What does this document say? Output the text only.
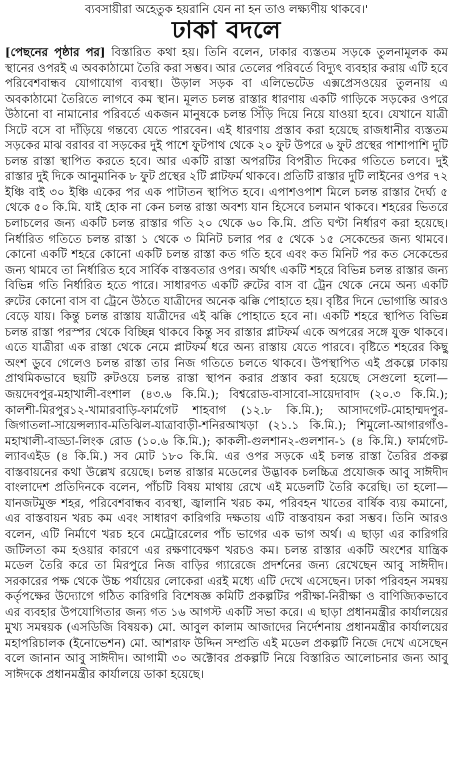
ব্যবসায়ীরা অহেতুক হয়রানি যেন না হন তাও লক্ষ্যণীয় থাকবে।'

ঢাকা বদলে

[পেছনের পৃষ্ঠার পর] বিস্তারিত কথা হয়। তিনি বলেন, ঢাকার ব্যস্ততম সড়কে তুলনামূলক কম স্থানের ওপরই এ অবকাঠামো তৈরি করা সম্ভব। আর তেলের পরিবর্তে বিদ্যুৎ ব্যবহার করায় এটি হবে পরিবেশবান্ধব যোগাযোগ ব্যবস্থা। উড়াল সড়ক বা এলিভেটেড এক্সপ্রেসওয়ের তুলনায় এ অবকাঠামো তৈরিতে লাগবে কম স্থান। মূলত চলন্ত রাস্তার ধারণায় একটি গাড়িকে সড়কের ওপরে উঠানো বা নামানোর পরিবর্তে একজন মানুষকে চলন্ত সিঁড়ি দিয়ে নিয়ে যাওয়া হবে। যেখানে যাত্রী সিটে বসে বা দাঁড়িয়ে গন্তব্যে যেতে পারবেন। এই ধারণায় প্রস্তাব করা হয়েছে রাজধানীর ব্যস্ততম সড়কের মাঝ বরাবর বা সড়কের দুই পাশে ফুটপাথ থেকে ২০ ফুট উপরে ৬ ফুট প্রস্থের পাশাপাশি দুটি চলন্ত রাস্তা স্থাপিত করতে হবে। আর একটি রাস্তা অপরটির বিপরীত দিকের গতিতে চলবে। দুই রাস্তার দুই দিকে আনুমানিক ৮ ফুট প্রস্থের ২টি প্লাটফর্ম থাকবে। প্রতিটি রাস্তার দুটি লাইনের ওপর ৭২ ইঞ্চি বাই ৩০ ইঞ্চি একের পর এক পাটাতন স্থাপিত হবে। এপাশওপাশ মিলে চলন্ত রাস্তার দৈর্ঘ্য ৫ থেকে ৫০ কি.মি. যাই হোক না কেন চলন্ত রাস্তা অবশ্য যান হিসেবে চলমান থাকবে। শহরের ভিতরে চলাচলের জন্য একটি চলন্ত রাস্তার গতি ২০ থেকে ৬০ কি.মি. প্রতি ঘণ্টা নির্ধারণ করা হয়েছে। নির্ধারিত গতিতে চলন্ত রাস্তা ১ থেকে ৩ মিনিট চলার পর ৫ থেকে ১৫ সেকেন্ডের জন্য থামবে। কোনো একটি শহরে কোনো একটি চলন্ত রাস্তা কত গতি হবে এবং কত মিনিট পর কত সেকেন্ডের জন্য থামবে তা নির্ধারিত হবে সার্বিক বাস্তবতার ওপর। অর্থাৎ একটি শহরে বিভিন্ন চলন্ত রাস্তার জন্য বিভিন্ন গতি নির্ধারিত হতে পারে। সাধারণত একটি রুটের বাস বা ট্রেন থেকে নেমে অন্য একটি রুটের কোনো বাস বা ট্রেনে উঠতে যাত্রীদের অনেক ঝক্কি পোহাতে হয়। বৃষ্টির দিনে ভোগান্তি আরও বেড়ে যায়। কিন্তু চলন্ত রাস্তায় যাত্রীদের এই ঝক্কি পোহাতে হবে না। একটি শহরে স্থাপিত বিভিন্ন চলন্ত রাস্তা পরস্পর থেকে বিচ্ছিন্ন থাকবে কিন্তু সব রাস্তার প্লাটফর্ম একে অপরের সঙ্গে যুক্ত থাকবে। এতে যাত্রীরা এক রাস্তা থেকে নেমে প্লাটফর্ম ধরে অন্য রাস্তায় যেতে পারবে। বৃষ্টিতে শহরের কিছু অংশ ডুবে গেলেও চলন্ত রাস্তা তার নিজ গতিতে চলতে থাকবে। উপস্থাপিত এই প্রকল্পে ঢাকায় প্রাথমিকভাবে ছয়টি রুটওয়ে চলন্ত রাস্তা স্থাপন করার প্রস্তাব করা হয়েছে সেগুলো হলো— জয়দেবপুর-মহাখালী-বংশাল (৪৩.৬ কি.মি.); বিশ্বরোড-বাসাবো-সায়েদাবাদ (২০.৩ কি.মি.); কালশী-মিরপুর১২-খামারবাড়ি-ফার্মগেট শাহবাগ (১২.৮ কি.মি.); আসাদগেট-মোহাম্মদপুর-জিগাতলা-সায়েন্সল্যাব-মতিঝিল-যাত্রাবাড়ী-শনিরআখড়া (২১.১ কি.মি.); শিমুলো-আগারগাঁও-মহাখালী-বাড্ডা-লিংক রোড (১০.৬ কি.মি.); কাকলী-গুলশান২-গুলশান-১ (৪ কি.মি.) ফার্মগেট-ল্যাবএইড (৪ কি.মি.) সব মোট ১৮০ কি.মি. এর ওপর সড়কে এই চলন্ত রাস্তা তৈরির প্রকল্প বাস্তবায়নের কথা উল্লেখ রয়েছে। চলন্ত রাস্তার মডেলের উদ্ভাবক চলচ্চিত্র প্রযোজক আবু সাঈদীদ বাংলাদেশ প্রতিদিনকে বলেন, পাঁচটি বিষয় মাথায় রেখে এই মডেলটি তৈরি করেছি। তা হলো—যানজটমুক্ত শহর, পরিবেশবান্ধব ব্যবস্থা, জ্বালানি খরচ কম, পরিবহন খাতের বার্ষিক ব্যয় কমানো, এর বাস্তবায়ন খরচ কম এবং সাধারণ কারিগরি দক্ষতায় এটি বাস্তবায়ন করা সম্ভব। তিনি আরও বলেন, এটি নির্মাণে খরচ হবে মেট্রোরেলের পাঁচ ভাগের এক ভাগ অর্থ। এ ছাড়া এর কারিগরি জটিলতা কম হওয়ার কারণে এর রক্ষণাবেক্ষণ খরচও কম। চলন্ত রাস্তার একটি অংশের যান্ত্রিক মডেল তৈরি করে তা মিরপুরে নিজ বাড়ির গ্যারেজে প্রদর্শনের জন্য রেখেছেন আবু সাঈদীদ। সরকারের পক্ষ থেকে উচ্চ পর্যায়ের লোকেরা এরই মধ্যে এটি দেখে এসেছেন। ঢাকা পরিবহন সমন্বয় কর্তৃপক্ষের উদ্যোগে গঠিত কারিগরি বিশেষজ্ঞ কমিটি প্রকল্পটির পরীক্ষা-নিরীক্ষা ও বাণিজ্যিকভাবে এর ব্যবহার উপযোগিতার জন্য গত ১৬ আগস্ট একটি সভা করে। এ ছাড়া প্রধানমন্ত্রীর কার্যালয়ের মুখ্য সমন্বয়ক (এসডিজি বিষয়ক) মো. আবুল কালাম আজাদের নির্দেশনায় প্রধানমন্ত্রীর কার্যালয়ের মহাপরিচালক (ইনোভেশন) মো. আশরাফ উদ্দিন সম্প্রতি এই মডেল প্রকল্পটি নিজে দেখে এসেছেন বলে জানান আবু সাঈদীদ। আগামী ৩০ অক্টোবর প্রকল্পটি নিয়ে বিস্তারিত আলোচনার জন্য আবু সাঈদকে প্রধানমন্ত্রীর কার্যালয়ে ডাকা হয়েছে।
